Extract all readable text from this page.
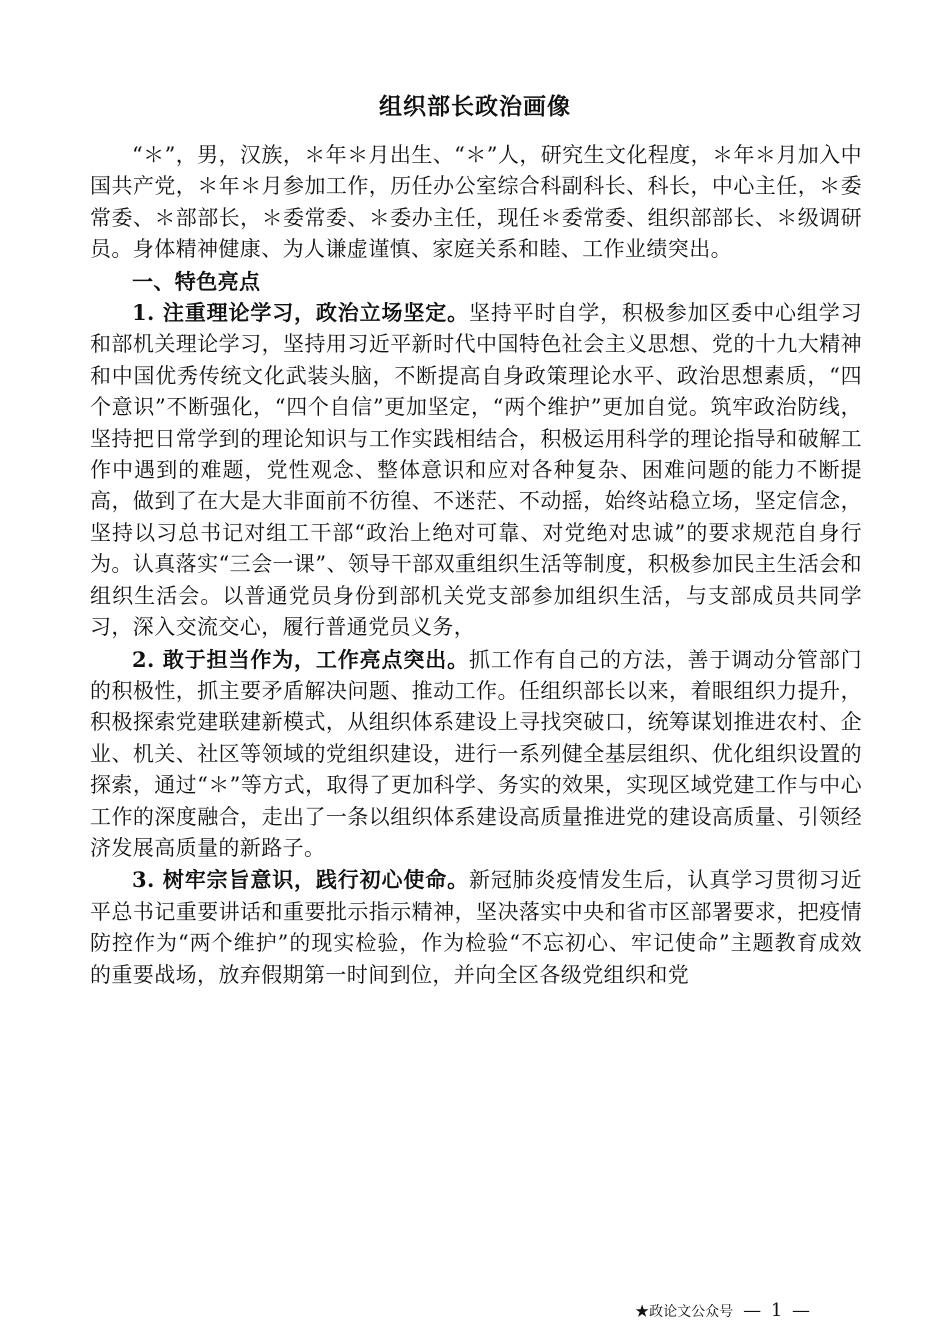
组织部长政治画像

“＊”，男，汉族，＊年＊月出生、“＊”人，研究生文化程度，＊年＊月加入中国共产党，＊年＊月参加工作，历任办公室综合科副科长、科长，中心主任，＊委常委、＊部部长，＊委常委、＊委办主任，现任＊委常委、组织部部长、＊级调研员。身体精神健康、为人谦虚谨慎、家庭关系和睦、工作业绩突出。

一、特色亮点

1. 注重理论学习，政治立场坚定。坚持平时自学，积极参加区委中心组学习和部机关理论学习，坚持用习近平新时代中国特色社会主义思想、党的十九大精神和中国优秀传统文化武装头脑，不断提高自身政策理论水平、政治思想素质，“四个意识”不断强化，“四个自信”更加坚定，“两个维护”更加自觉。筑牢政治防线，坚持把日常学到的理论知识与工作实践相结合，积极运用科学的理论指导和破解工作中遇到的难题，党性观念、整体意识和应对各种复杂、困难问题的能力不断提高，做到了在大是大非面前不彷徨、不迷茫、不动摇，始终站稳立场，坚定信念，坚持以习总书记对组工干部“政治上绝对可靠、对党绝对忠诚”的要求规范自身行为。认真落实“三会一课”、领导干部双重组织生活等制度，积极参加民主生活会和组织生活会。以普通党员身份到部机关党支部参加组织生活，与支部成员共同学习，深入交流交心，履行普通党员义务，

2. 敢于担当作为，工作亮点突出。抓工作有自己的方法，善于调动分管部门的积极性，抓主要矛盾解决问题、推动工作。任组织部长以来，着眼组织力提升，积极探索党建联建新模式，从组织体系建设上寻找突破口，统筹谋划推进农村、企业、机关、社区等领域的党组织建设，进行一系列健全基层组织、优化组织设置的探索，通过“＊”等方式，取得了更加科学、务实的效果，实现区域党建工作与中心工作的深度融合，走出了一条以组织体系建设高质量推进党的建设高质量、引领经济发展高质量的新路子。

3. 树牢宗旨意识，践行初心使命。新冠肺炎疫情发生后，认真学习贯彻习近平总书记重要讲话和重要批示指示精神，坚决落实中央和省市区部署要求，把疫情防控作为“两个维护”的现实检验，作为检验“不忘初心、牢记使命”主题教育成效的重要战场，放弃假期第一时间到位，并向全区各级党组织和党

★政论文公众号 — 1 —
